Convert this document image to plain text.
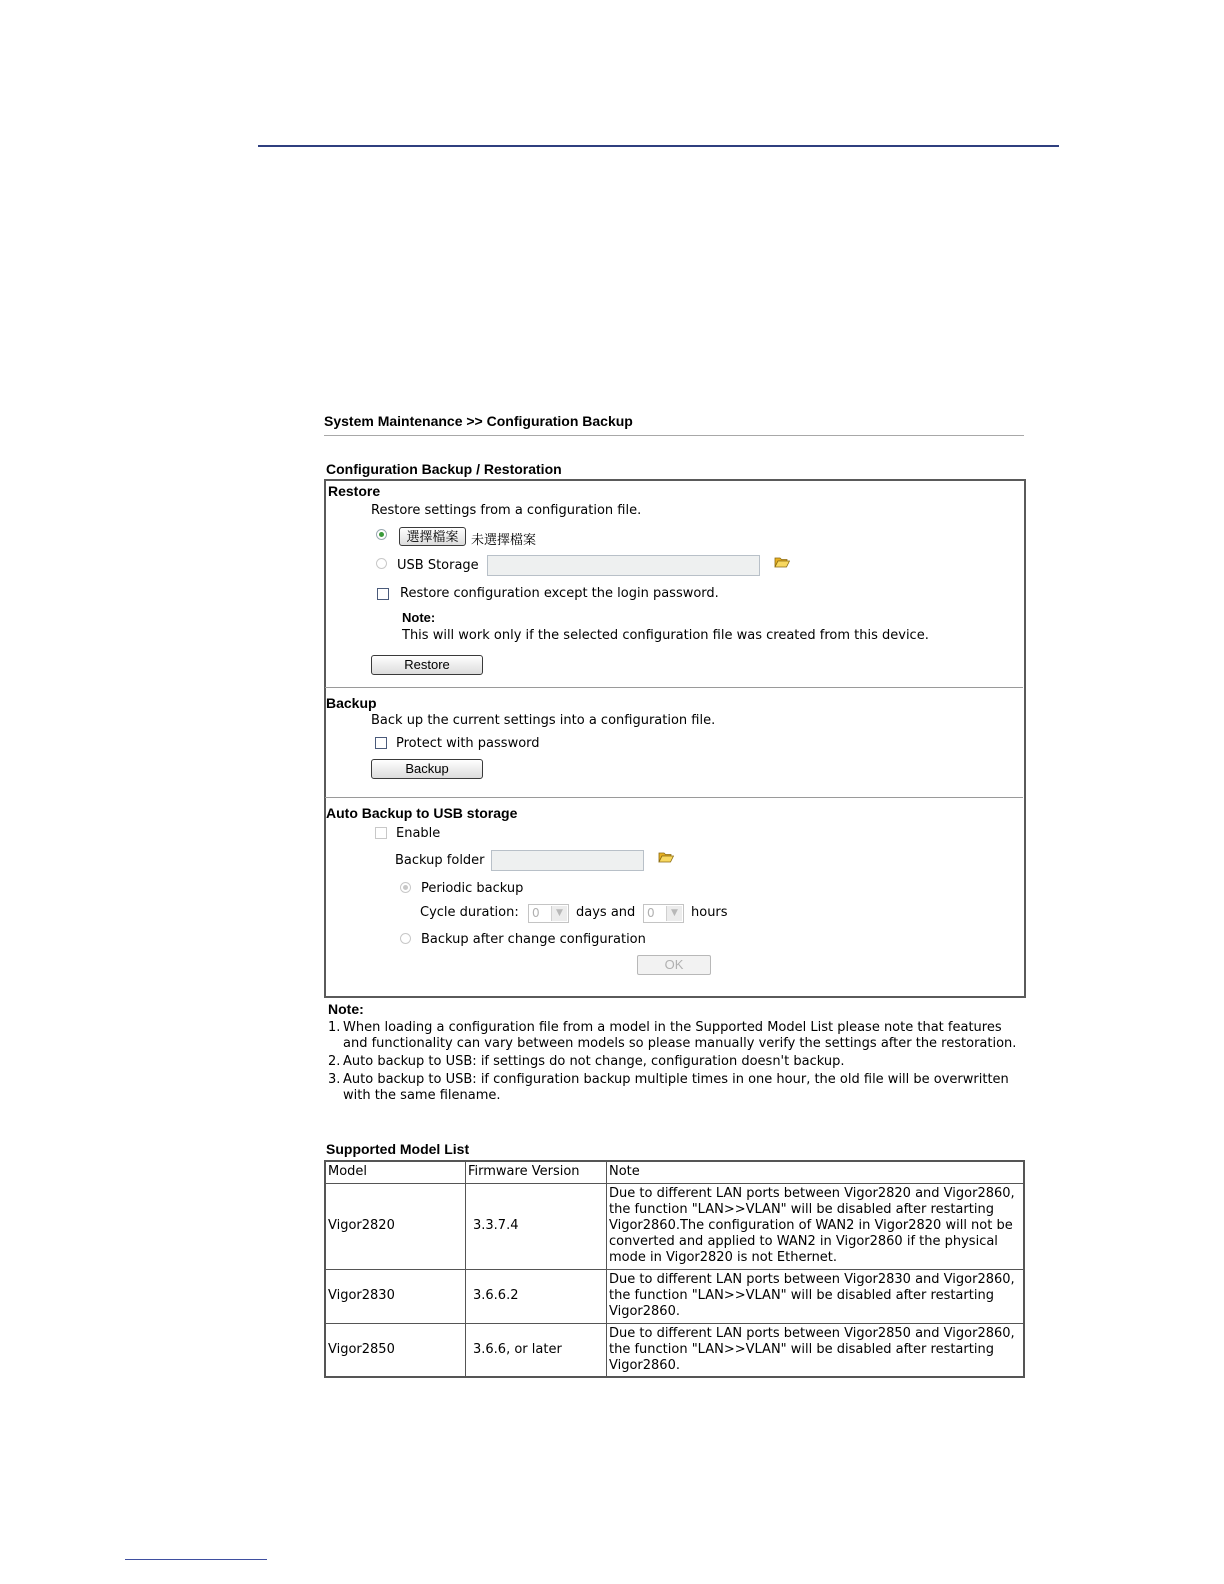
System Maintenance >> Configuration Backup
Configuration Backup / Restoration
Restore
Restore settings from a configuration file.
選擇檔案 未選擇檔案
USB Storage
Restore configuration except the login password.
Note:
This will work only if the selected configuration file was created from this device.
Restore
Backup
Back up the current settings into a configuration file.
Protect with password
Backup
Auto Backup to USB storage
Enable
Backup folder
Periodic backup
Cycle duration:	0	▼	days and 0	▼	hours
Backup after change configuration
OK
Note:
1. When loading a configuration file from a model in the Supported Model List please note that features and functionality can vary between models so please manually verify the settings after the restoration.
2. Auto backup to USB: if settings do not change, configuration doesn't backup.
3. Auto backup to USB: if configuration backup multiple times in one hour, the old file will be overwritten with the same filename.
Supported Model List
Model	Firmware Version	Note
Vigor2820	3.3.7.4	Due to different LAN ports between Vigor2820 and Vigor2860, the function "LAN>>VLAN" will be disabled after restarting Vigor2860.The configuration of WAN2 in Vigor2820 will not be converted and applied to WAN2 in Vigor2860 if the physical mode in Vigor2820 is not Ethernet.
Vigor2830	3.6.6.2	Due to different LAN ports between Vigor2830 and Vigor2860, the function "LAN>>VLAN" will be disabled after restarting Vigor2860.
Vigor2850	3.6.6, or later	Due to different LAN ports between Vigor2850 and Vigor2860, the function "LAN>>VLAN" will be disabled after restarting Vigor2860.
